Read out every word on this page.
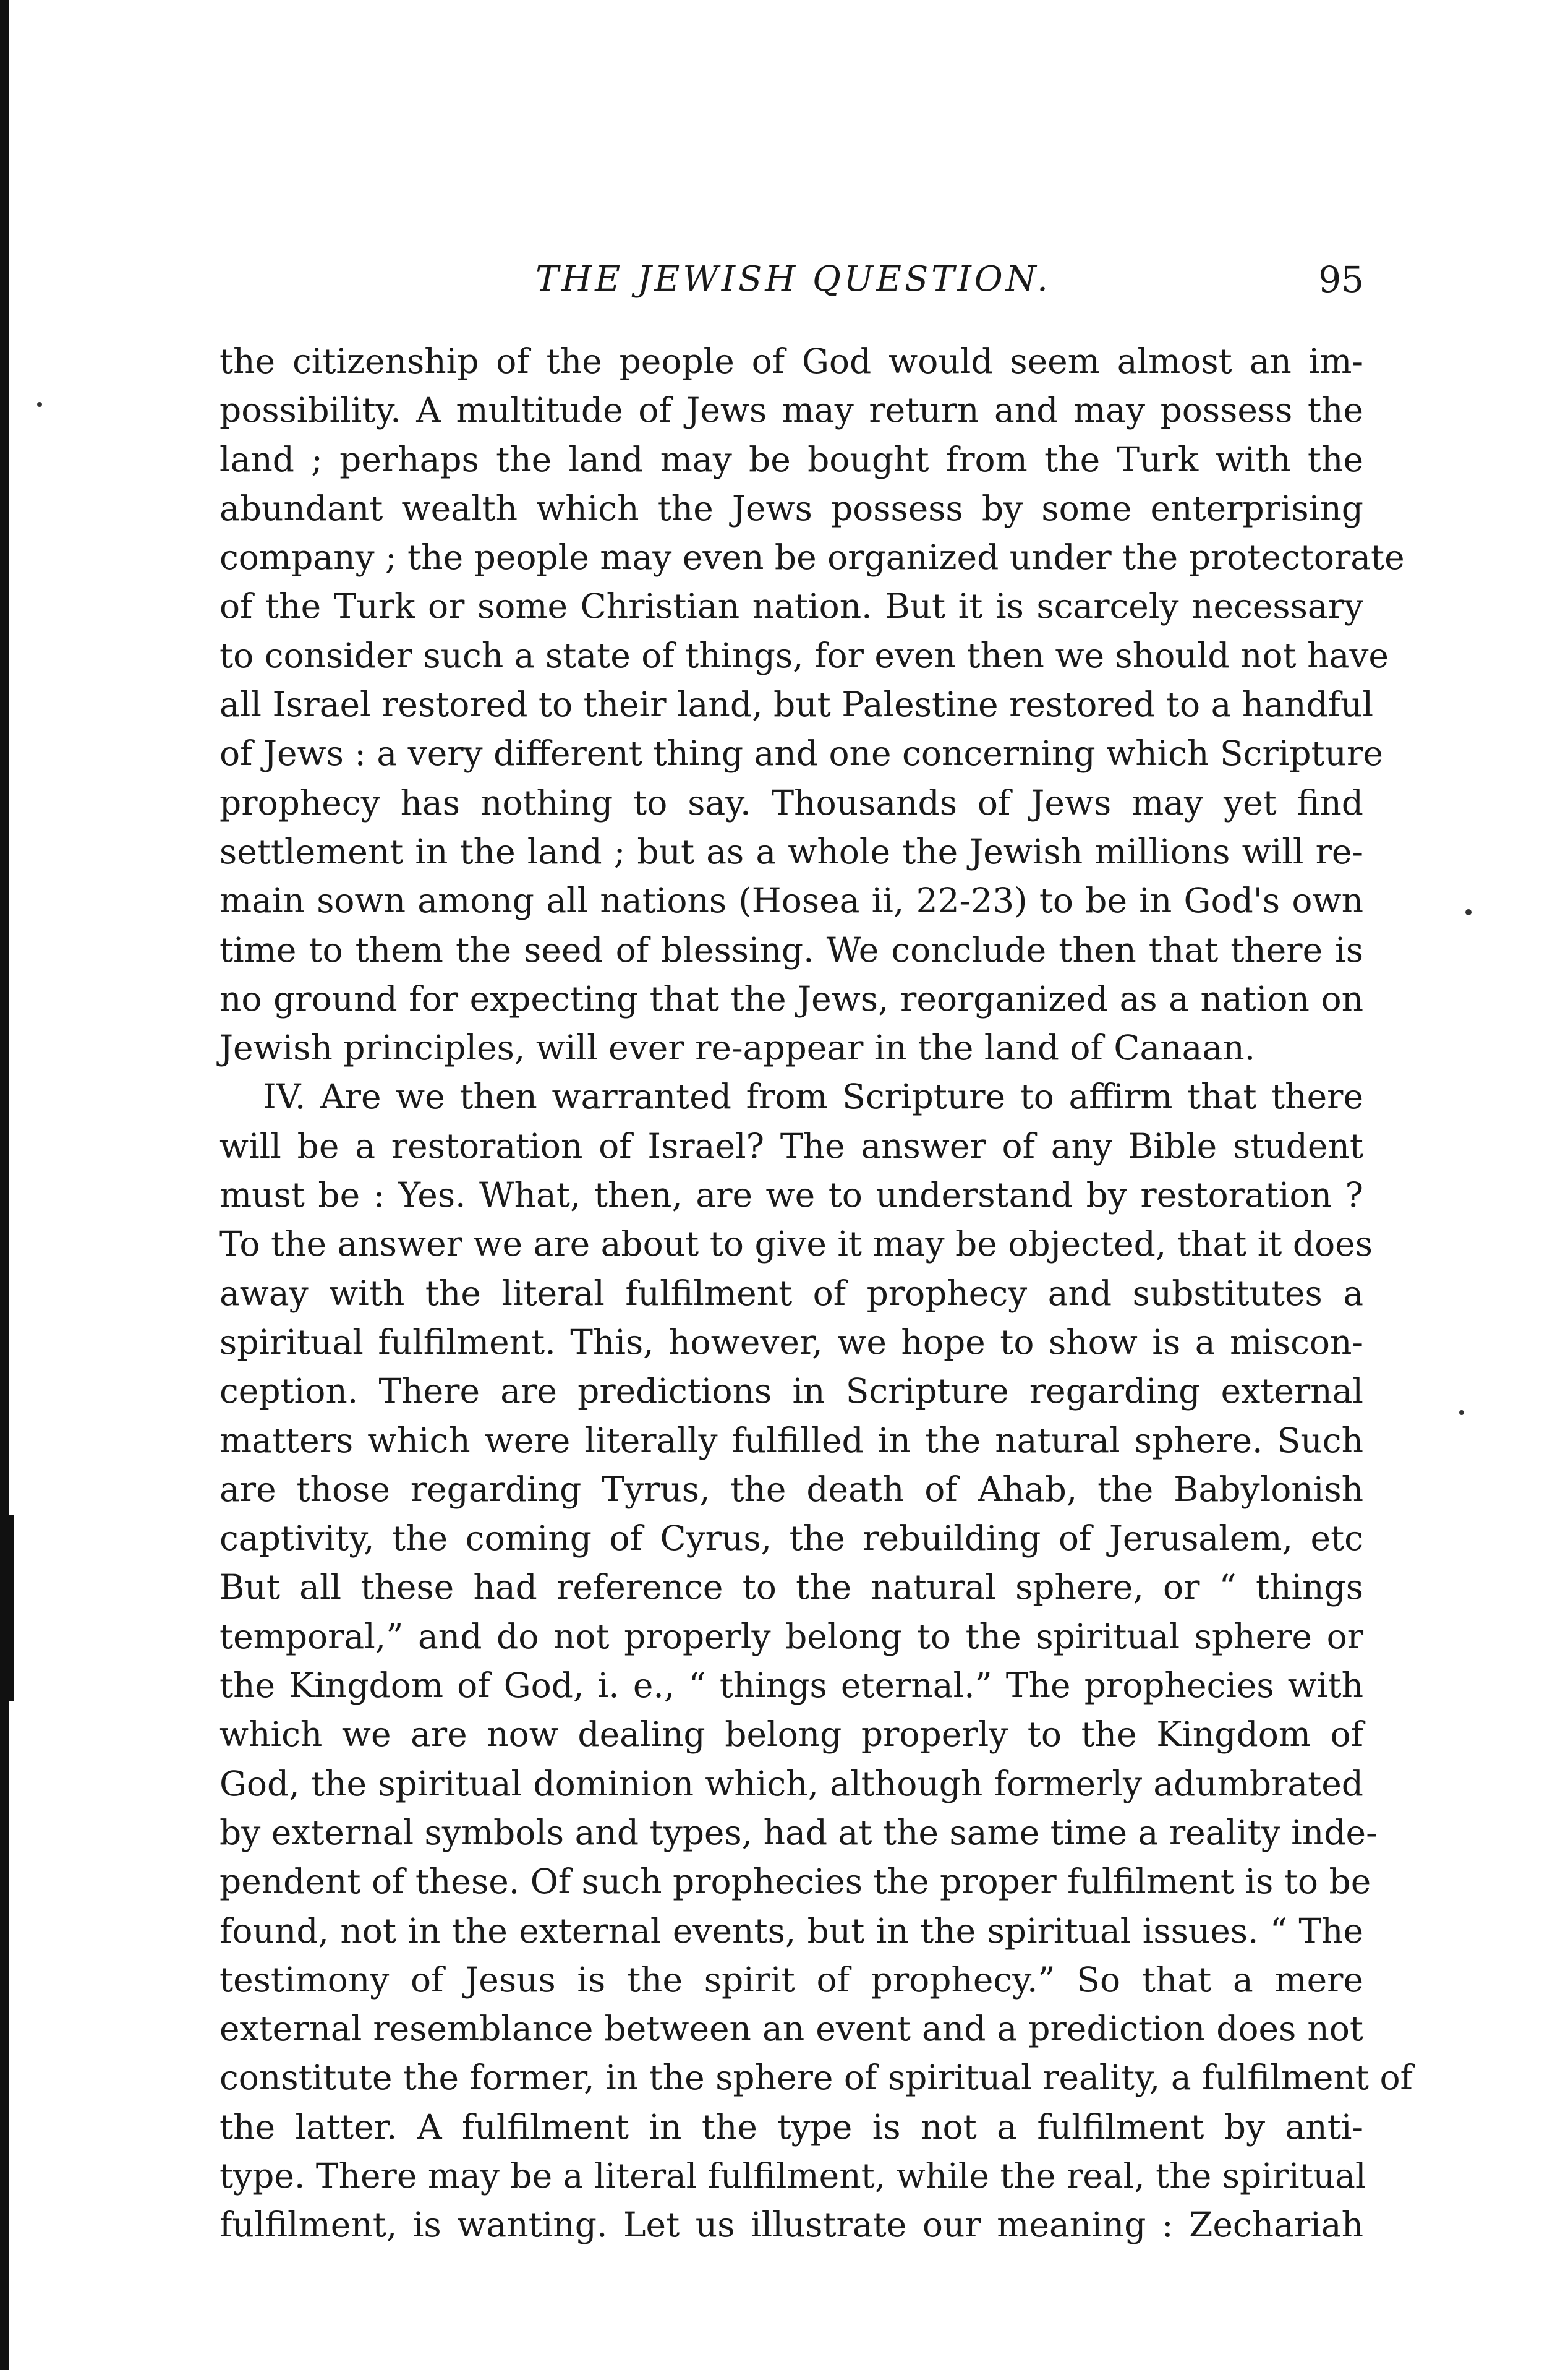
THE JEWISH QUESTION.	95
the citizenship of the people of God would seem almost an im-
possibility. A multitude of Jews may return and may possess the
land ; perhaps the land may be bought from the Turk with the
abundant wealth which the Jews possess by some enterprising
company ; the people may even be organized under the protectorate
of the Turk or some Christian nation. But it is scarcely necessary
to consider such a state of things, for even then we should not have
all Israel restored to their land, but Palestine restored to a handful
of Jews : a very different thing and one concerning which Scripture
prophecy has nothing to say. Thousands of Jews may yet find
settlement in the land ; but as a whole the Jewish millions will re-
main sown among all nations (Hosea ii, 22-23) to be in God's own
time to them the seed of blessing. We conclude then that there is
no ground for expecting that the Jews, reorganized as a nation on
Jewish principles, will ever re-appear in the land of Canaan.
IV. Are we then warranted from Scripture to affirm that there
will be a restoration of Israel? The answer of any Bible student
must be : Yes. What, then, are we to understand by restoration ?
To the answer we are about to give it may be objected, that it does
away with the literal fulfilment of prophecy and substitutes a
spiritual fulfilment. This, however, we hope to show is a miscon-
ception. There are predictions in Scripture regarding external
matters which were literally fulfilled in the natural sphere. Such
are those regarding Tyrus, the death of Ahab, the Babylonish
captivity, the coming of Cyrus, the rebuilding of Jerusalem, etc
But all these had reference to the natural sphere, or “ things
temporal,” and do not properly belong to the spiritual sphere or
the Kingdom of God, i. e., “ things eternal.” The prophecies with
which we are now dealing belong properly to the Kingdom of
God, the spiritual dominion which, although formerly adumbrated
by external symbols and types, had at the same time a reality inde-
pendent of these. Of such prophecies the proper fulfilment is to be
found, not in the external events, but in the spiritual issues. “ The
testimony of Jesus is the spirit of prophecy.” So that a mere
external resemblance between an event and a prediction does not
constitute the former, in the sphere of spiritual reality, a fulfilment of
the latter. A fulfilment in the type is not a fulfilment by anti-
type. There may be a literal fulfilment, while the real, the spiritual
fulfilment, is wanting. Let us illustrate our meaning : Zechariah
